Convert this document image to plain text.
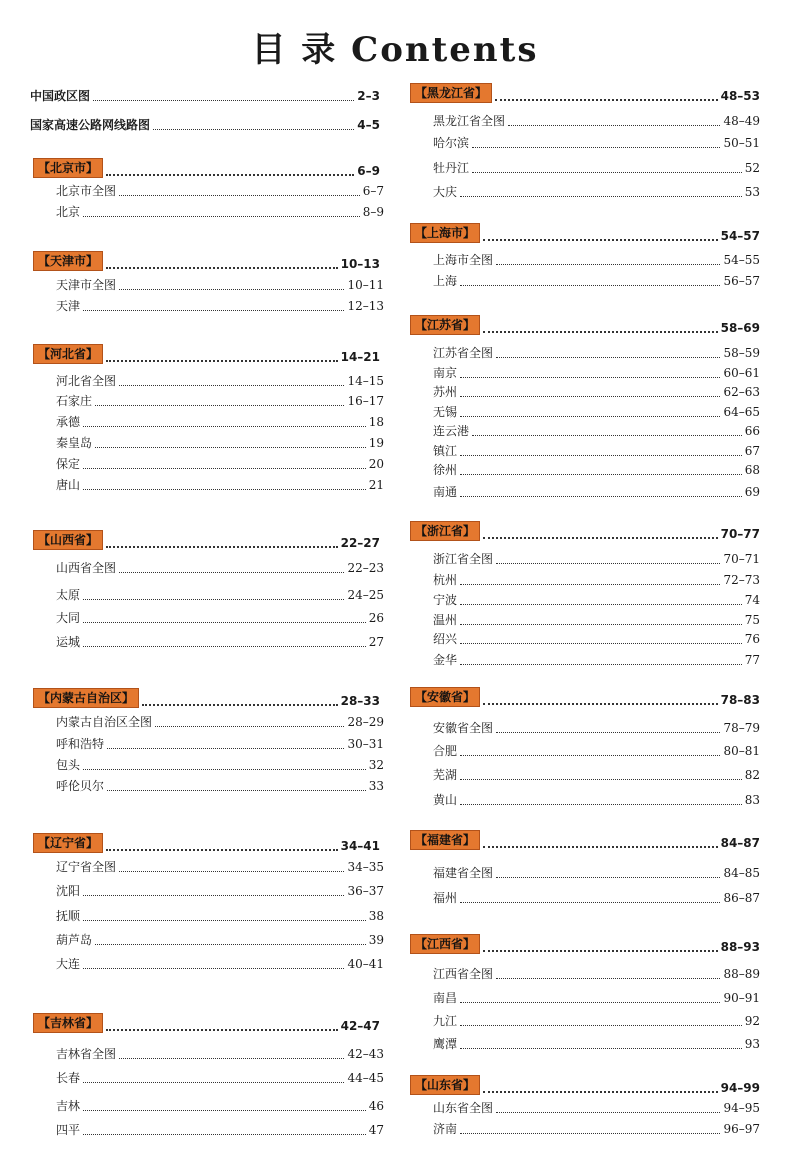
目 录 Contents
中国政区图	2–3
国家高速公路网线路图	4–5
【北京市】	6–9
北京市全图	6–7
北京	8–9
【天津市】	10–13
天津市全图	10–11
天津	12–13
【河北省】	14–21
河北省全图	14–15
石家庄	16–17
承德	18
秦皇岛	19
保定	20
唐山	21
【山西省】	22–27
山西省全图	22–23
太原	24–25
大同	26
运城	27
【内蒙古自治区】	28–33
内蒙古自治区全图	28–29
呼和浩特	30–31
包头	32
呼伦贝尔	33
【辽宁省】	34–41
辽宁省全图	34–35
沈阳	36–37
抚顺	38
葫芦岛	39
大连	40–41
【吉林省】	42–47
吉林省全图	42–43
长春	44–45
吉林	46
四平	47
【黑龙江省】	48–53
黑龙江省全图	48–49
哈尔滨	50–51
牡丹江	52
大庆	53
【上海市】	54–57
上海市全图	54–55
上海	56–57
【江苏省】	58–69
江苏省全图	58–59
南京	60–61
苏州	62–63
无锡	64–65
连云港	66
镇江	67
徐州	68
南通	69
【浙江省】	70–77
浙江省全图	70–71
杭州	72–73
宁波	74
温州	75
绍兴	76
金华	77
【安徽省】	78–83
安徽省全图	78–79
合肥	80–81
芜湖	82
黄山	83
【福建省】	84–87
福建省全图	84–85
福州	86–87
【江西省】	88–93
江西省全图	88–89
南昌	90–91
九江	92
鹰潭	93
【山东省】	94–99
山东省全图	94–95
济南	96–97
